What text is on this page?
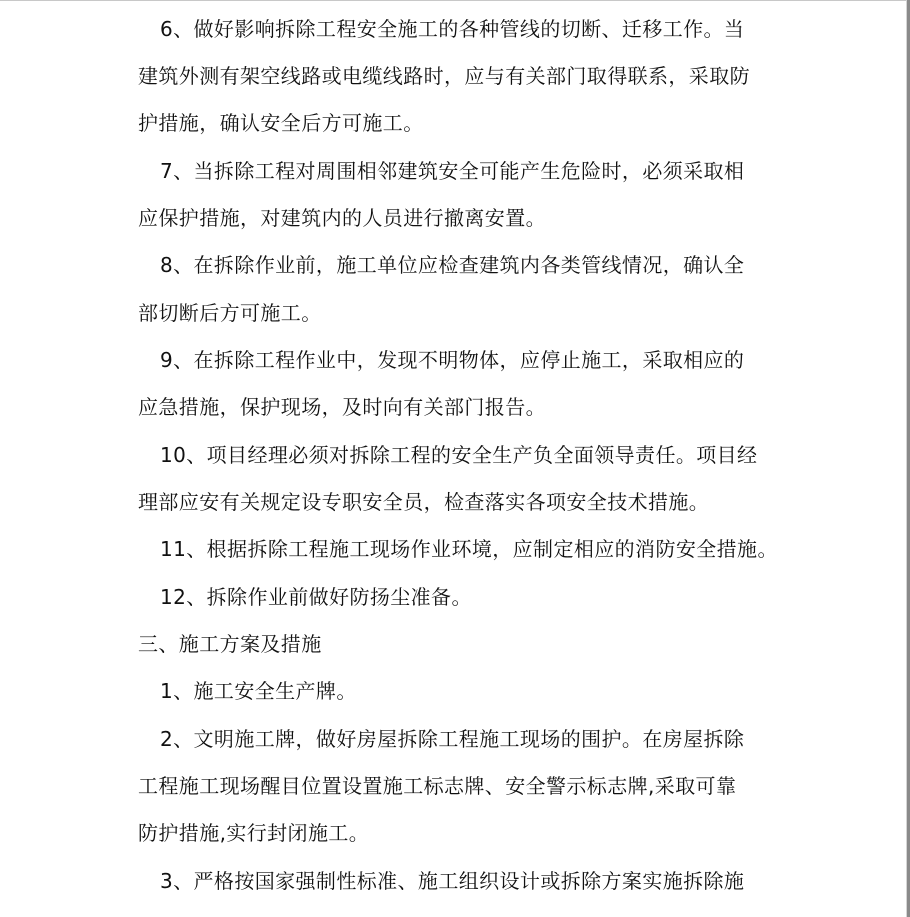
6、做好影响拆除工程安全施工的各种管线的切断、迁移工作。当
建筑外测有架空线路或电缆线路时，应与有关部门取得联系，采取防
护措施，确认安全后方可施工。
7、当拆除工程对周围相邻建筑安全可能产生危险时，必须采取相
应保护措施，对建筑内的人员进行撤离安置。
8、在拆除作业前，施工单位应检查建筑内各类管线情况，确认全
部切断后方可施工。
9、在拆除工程作业中，发现不明物体，应停止施工，采取相应的
应急措施，保护现场，及时向有关部门报告。
10、项目经理必须对拆除工程的安全生产负全面领导责任。项目经
理部应安有关规定设专职安全员，检查落实各项安全技术措施。
11、根据拆除工程施工现场作业环境，应制定相应的消防安全措施。
12、拆除作业前做好防扬尘准备。
三、施工方案及措施
1、施工安全生产牌。
2、文明施工牌，做好房屋拆除工程施工现场的围护。在房屋拆除
工程施工现场醒目位置设置施工标志牌、安全警示标志牌,采取可靠
防护措施,实行封闭施工。
3、严格按国家强制性标准、施工组织设计或拆除方案实施拆除施
